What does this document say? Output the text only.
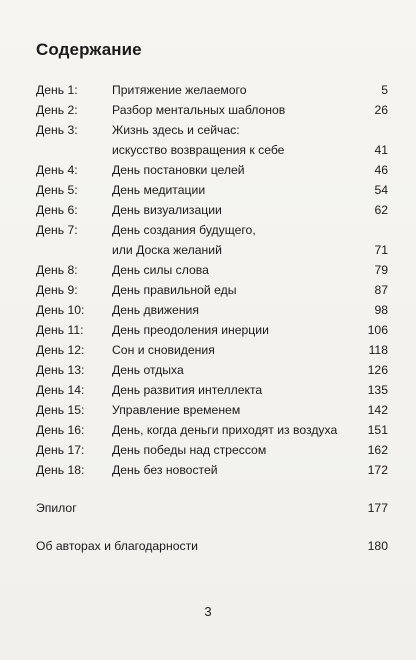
Содержание
День 1:	Притяжение желаемого	5
День 2:	Разбор ментальных шаблонов	26
День 3:	Жизнь здесь и сейчас:
искусство возвращения к себе	41
День 4:	День постановки целей	46
День 5:	День медитации	54
День 6:	День визуализации	62
День 7:	День создания будущего,
или Доска желаний	71
День 8:	День силы слова	79
День 9:	День правильной еды	87
День 10: День движения	98
День 11: День преодоления инерции	106
День 12: Сон и сновидения	118
День 13: День отдыха	126
День 14: День развития интеллекта	135
День 15: Управление временем	142
День 16: День, когда деньги приходят из воздуха 151
День 17: День победы над стрессом	162
День 18: День без новостей	172
Эпилог	177
Об авторах и благодарности	180
3
